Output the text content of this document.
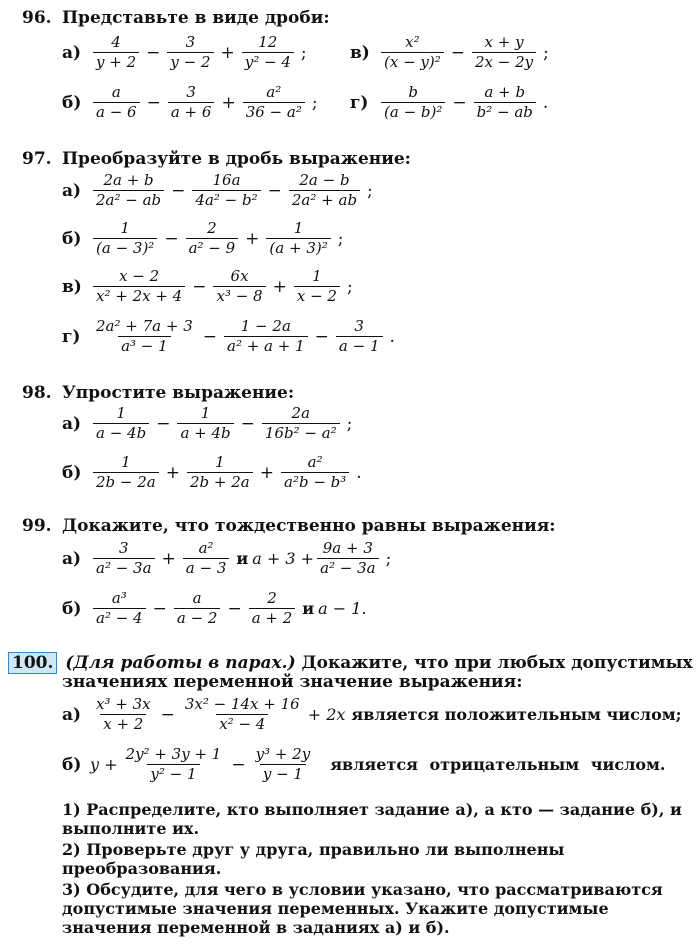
96. Представьте в виде дроби:
$а) \frac{4}{y + 2} - \frac{3}{y - 2} + \frac{12}{\text{y² − 4}}$ ;	$в) \frac{\text{x²}}{\text{(x − y)²}} - \frac{x + y}{2x - 2y}$ ;
$б) \frac{a}{a - 6} - \frac{3}{a + 6} + \frac{\text{a²}}{\text{36 − a²}}$ ; $г) \frac{b}{\text{(a − b)²}} - \frac{a + b}{\text{b² − ab}}$ .
97. Преобразуйте в дробь выражение:
$а) \frac{2a + b}{\text{2a² − ab}} - \frac{16a}{\text{4a² − b²}} - \frac{2a - b}{\text{2a² + ab}}$ ;
$б) \frac{1}{\text{(a − 3)²}} - \frac{2}{\text{a² − 9}} + \frac{1}{\text{(a + 3)²}}$ ;
$в) \frac{x - 2}{\text{x² + 2x + 4}} - \frac{6x}{\text{x³ − 8}} + \frac{1}{x - 2}$ ;
$г) \frac{\text{2a² + 7a + 3}}{\text{a³ − 1}} - \frac{1 - 2a}{\text{a² + a + 1}} - \frac{3}{a - 1}$ .
98. Упростите выражение:
$а) \frac{1}{a - 4b} - \frac{1}{a + 4b} - \frac{2a}{\text{16b² − a²}}$ ;
$б) \frac{1}{2b - 2a} + \frac{1}{2b + 2a} + \frac{\text{a²}}{\text{a²b − b³}}$ .
99. Докажите, что тождественно равны выражения:
$а) \frac{3}{\text{a² − 3a}} + \frac{\text{a²}}{a - 3}$ и $a + 3 + \frac{9a + 3}{\text{a² − 3a}}$ ;
$б) \frac{\text{a³}}{\text{a² − 4}} - \frac{a}{a - 2} - \frac{2}{a + 2}$ и a − 1.
100. (Для работы в парах.) Докажите, что при любых допустимых
значениях переменной значение выражения:
$а) \frac{\text{x³ + 3x}}{x + 2} - \frac{\text{3x² − 14x + 16}}{\text{x² − 4}} + 2x$ является положительным числом;
б) $y + \frac{\text{2y² + 3y + 1}}{\text{y² − 1}} - \frac{\text{y³ + 2y}}{y - 1}$ является отрицательным числом.
1) Распределите, кто выполняет задание а), а кто — задание б), и выполните их.
2) Проверьте друг у друга, правильно ли выполнены преобразования.
3) Обсудите, для чего в условии указано, что рассматриваются допустимые значения переменных. Укажите допустимые значения переменной в заданиях а) и б).
